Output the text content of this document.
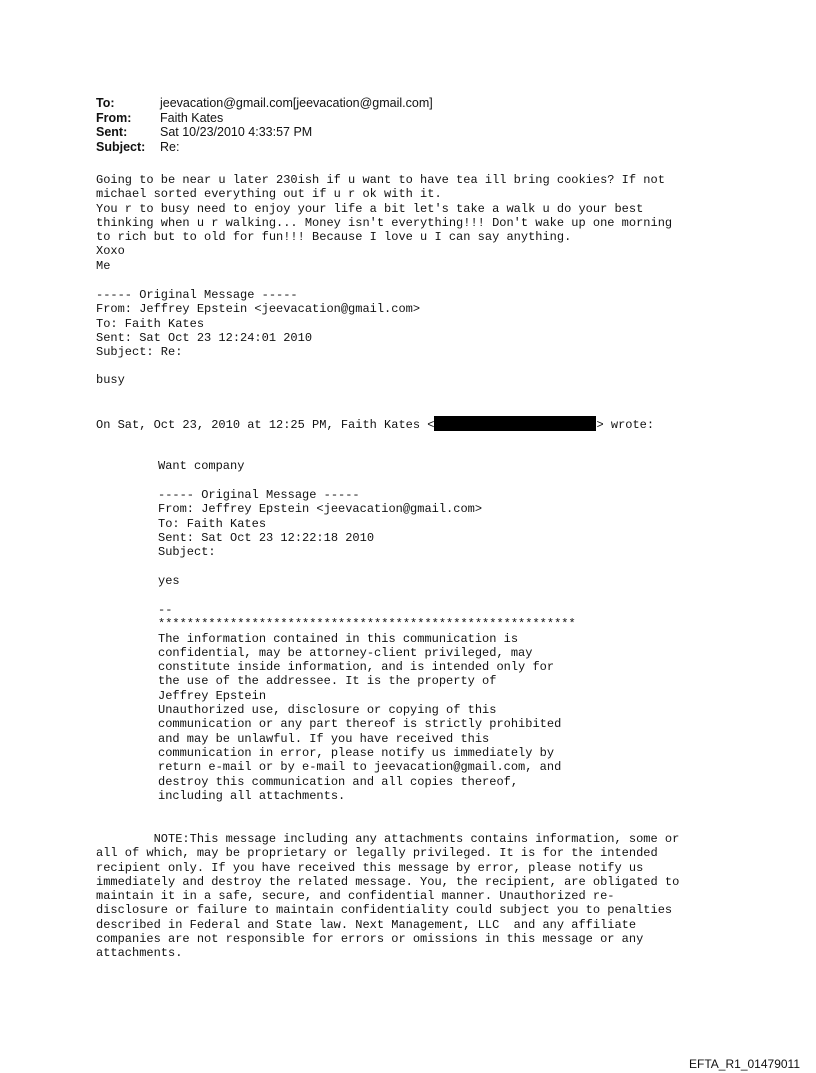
To:	jeevacation@gmail.com[jeevacation@gmail.com]
From:	Faith Kates
Sent:	Sat 10/23/2010 4:33:57 PM
Subject:	Re:
Going to be near u later 230ish if u want to have tea ill bring cookies? If not
michael sorted everything out if u r ok with it.
You r to busy need to enjoy your life a bit let's take a walk u do your best
thinking when u r walking... Money isn't everything!!! Don't wake up one morning
to rich but to old for fun!!! Because I love u I can say anything.
Xoxo
Me
----- Original Message -----
From: Jeffrey Epstein <jeevacation@gmail.com>
To: Faith Kates
Sent: Sat Oct 23 12:24:01 2010
Subject: Re:
busy
On Sat, Oct 23, 2010 at 12:25 PM, Faith Kates <	> wrote:
Want company
----- Original Message -----
From: Jeffrey Epstein <jeevacation@gmail.com>
To: Faith Kates
Sent: Sat Oct 23 12:22:18 2010
Subject:
yes
--
**********************************************************
The information contained in this communication is
confidential, may be attorney-client privileged, may
constitute inside information, and is intended only for
the use of the addressee. It is the property of
Jeffrey Epstein
Unauthorized use, disclosure or copying of this
communication or any part thereof is strictly prohibited
and may be unlawful. If you have received this
communication in error, please notify us immediately by
return e-mail or by e-mail to jeevacation@gmail.com, and
destroy this communication and all copies thereof,
including all attachments.
NOTE:This message including any attachments contains information, some or
all of which, may be proprietary or legally privileged. It is for the intended
recipient only. If you have received this message by error, please notify us
immediately and destroy the related message. You, the recipient, are obligated to
maintain it in a safe, secure, and confidential manner. Unauthorized re-
disclosure or failure to maintain confidentiality could subject you to penalties
described in Federal and State law. Next Management, LLC  and any affiliate
companies are not responsible for errors or omissions in this message or any
attachments.
EFTA_R1_01479011
